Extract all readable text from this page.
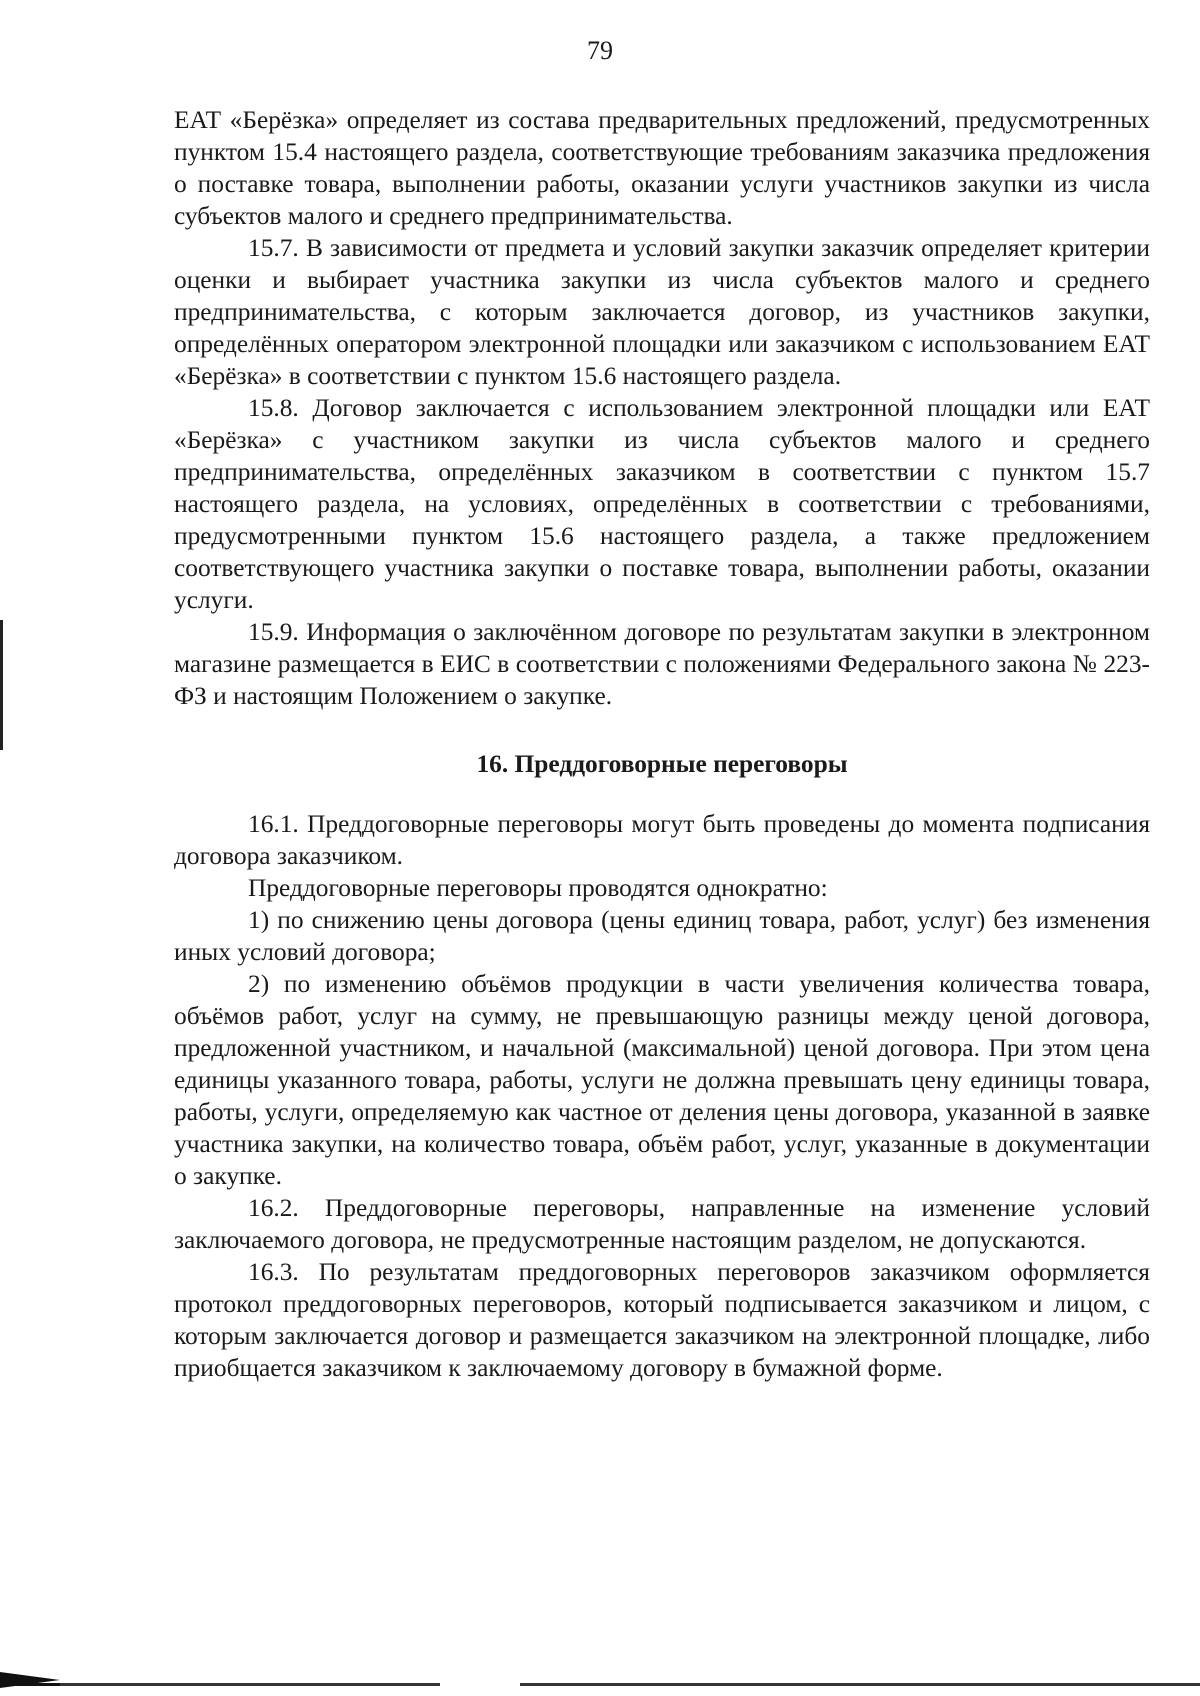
79

ЕАТ «Берёзка» определяет из состава предварительных предложений, предусмотренных пунктом 15.4 настоящего раздела, соответствующие требованиям заказчика предложения о поставке товара, выполнении работы, оказании услуги участников закупки из числа субъектов малого и среднего предпринимательства.

15.7. В зависимости от предмета и условий закупки заказчик определяет критерии оценки и выбирает участника закупки из числа субъектов малого и среднего предпринимательства, с которым заключается договор, из участников закупки, определённых оператором электронной площадки или заказчиком с использованием ЕАТ «Берёзка» в соответствии с пунктом 15.6 настоящего раздела.

15.8. Договор заключается с использованием электронной площадки или ЕАТ «Берёзка» с участником закупки из числа субъектов малого и среднего предпринимательства, определённых заказчиком в соответствии с пунктом 15.7 настоящего раздела, на условиях, определённых в соответствии с требованиями, предусмотренными пунктом 15.6 настоящего раздела, а также предложением соответствующего участника закупки о поставке товара, выполнении работы, оказании услуги.

15.9. Информация о заключённом договоре по результатам закупки в электронном магазине размещается в ЕИС в соответствии с положениями Федерального закона № 223-ФЗ и настоящим Положением о закупке.

16. Преддоговорные переговоры

16.1. Преддоговорные переговоры могут быть проведены до момента подписания договора заказчиком.

Преддоговорные переговоры проводятся однократно:

1) по снижению цены договора (цены единиц товара, работ, услуг) без изменения иных условий договора;

2) по изменению объёмов продукции в части увеличения количества товара, объёмов работ, услуг на сумму, не превышающую разницы между ценой договора, предложенной участником, и начальной (максимальной) ценой договора. При этом цена единицы указанного товара, работы, услуги не должна превышать цену единицы товара, работы, услуги, определяемую как частное от деления цены договора, указанной в заявке участника закупки, на количество товара, объём работ, услуг, указанные в документации о закупке.

16.2. Преддоговорные переговоры, направленные на изменение условий заключаемого договора, не предусмотренные настоящим разделом, не допускаются.

16.3. По результатам преддоговорных переговоров заказчиком оформляется протокол преддоговорных переговоров, который подписывается заказчиком и лицом, с которым заключается договор и размещается заказчиком на электронной площадке, либо приобщается заказчиком к заключаемому договору в бумажной форме.
